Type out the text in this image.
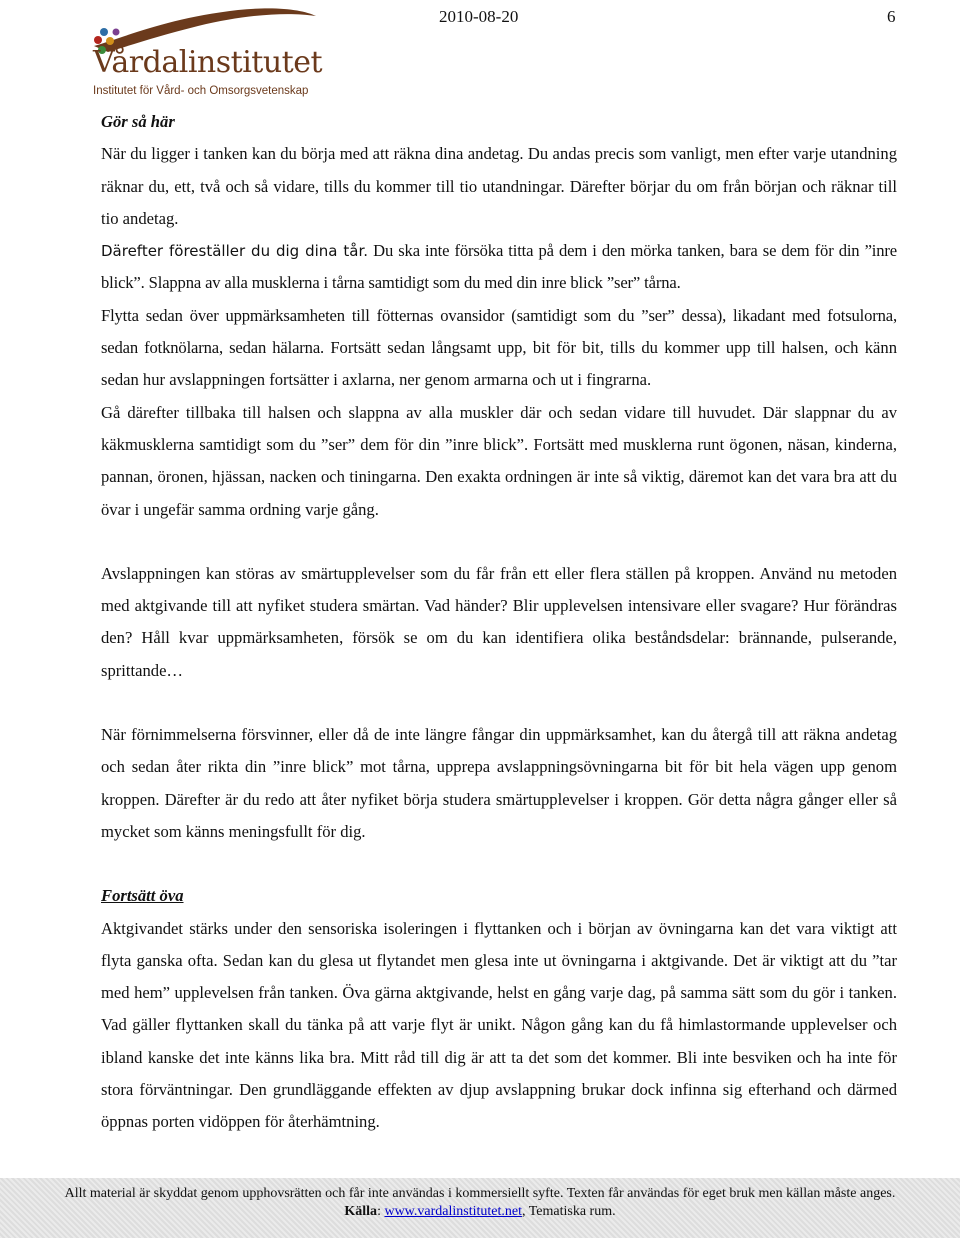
Vårdalinstitutet
Institutet för Vård- och Omsorgsvetenskap
2010-08-20	6
Gör så här

När du ligger i tanken kan du börja med att räkna dina andetag. Du andas precis som vanligt, men efter varje utandning räknar du, ett, två och så vidare, tills du kommer till tio utandningar. Därefter börjar du om från början och räknar till tio andetag.

Därefter föreställer du dig dina tår. Du ska inte försöka titta på dem i den mörka tanken, bara se dem för din ”inre blick”. Slappna av alla musklerna i tårna samtidigt som du med din inre blick ”ser” tårna.

Flytta sedan över uppmärksamheten till fötternas ovansidor (samtidigt som du ”ser” dessa), likadant med fotsulorna, sedan fotknölarna, sedan hälarna. Fortsätt sedan långsamt upp, bit för bit, tills du kommer upp till halsen, och känn sedan hur avslappningen fortsätter i axlarna, ner genom armarna och ut i fingrarna.

Gå därefter tillbaka till halsen och slappna av alla muskler där och sedan vidare till huvudet. Där slappnar du av käkmusklerna samtidigt som du ”ser” dem för din ”inre blick”. Fortsätt med musklerna runt ögonen, näsan, kinderna, pannan, öronen, hjässan, nacken och tiningarna. Den exakta ordningen är inte så viktig, däremot kan det vara bra att du övar i ungefär samma ordning varje gång.

Avslappningen kan störas av smärtupplevelser som du får från ett eller flera ställen på kroppen. Använd nu metoden med aktgivande till att nyfiket studera smärtan. Vad händer? Blir upplevelsen intensivare eller svagare? Hur förändras den? Håll kvar uppmärksamheten, försök se om du kan identifiera olika beståndsdelar: brännande, pulserande, sprittande…

När förnimmelserna försvinner, eller då de inte längre fångar din uppmärksamhet, kan du återgå till att räkna andetag och sedan åter rikta din ”inre blick” mot tårna, upprepa avslappningsövningarna bit för bit hela vägen upp genom kroppen. Därefter är du redo att åter nyfiket börja studera smärtupplevelser i kroppen. Gör detta några gånger eller så mycket som känns meningsfullt för dig.

Fortsätt öva

Aktgivandet stärks under den sensoriska isoleringen i flyttanken och i början av övningarna kan det vara viktigt att flyta ganska ofta. Sedan kan du glesa ut flytandet men glesa inte ut övningarna i aktgivande. Det är viktigt att du ”tar med hem” upplevelsen från tanken. Öva gärna aktgivande, helst en gång varje dag, på samma sätt som du gör i tanken. Vad gäller flyttanken skall du tänka på att varje flyt är unikt. Någon gång kan du få himlastormande upplevelser och ibland kanske det inte känns lika bra. Mitt råd till dig är att ta det som det kommer. Bli inte besviken och ha inte för stora förväntningar. Den grundläggande effekten av djup avslappning brukar dock infinna sig efterhand och därmed öppnas porten vidöppen för återhämtning.

Allt material är skyddat genom upphovsrätten och får inte användas i kommersiellt syfte. Texten får användas för eget bruk men källan måste anges.
Källa: www.vardalinstitutet.net, Tematiska rum.
